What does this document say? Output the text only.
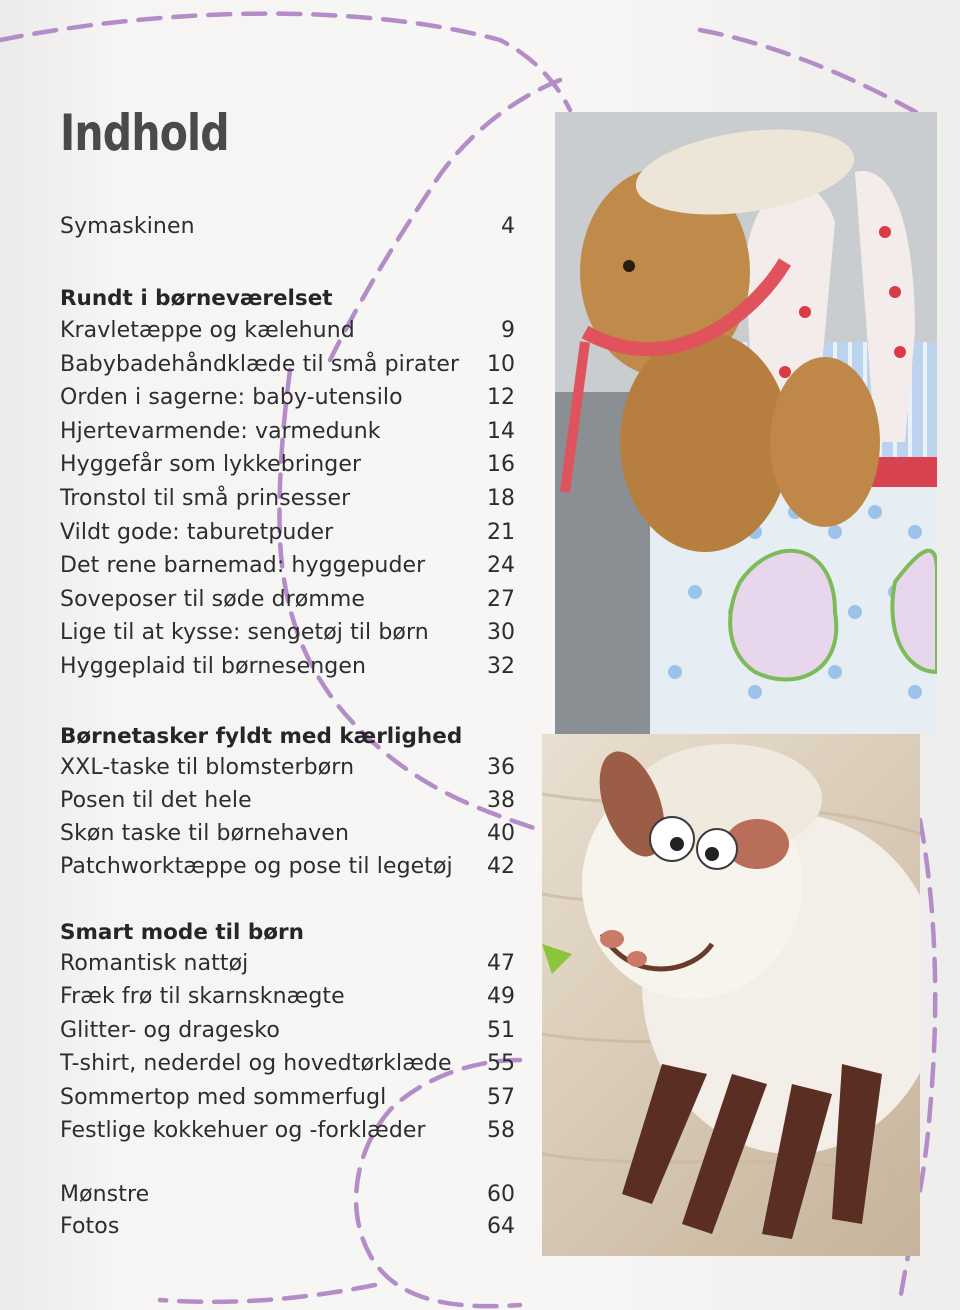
Indhold
Symaskinen	4
Rundt i børneværelset
Kravletæppe og kælehund	9
Babybadehåndklæde til små pirater	10
Orden i sagerne: baby-utensilo	12
Hjertevarmende: varmedunk	14
Hyggefår som lykkebringer	16
Tronstol til små prinsesser	18
Vildt gode: taburetpuder	21
Det rene barnemad: hyggepuder	24
Soveposer til søde drømme	27
Lige til at kysse: sengetøj til børn	30
Hyggeplaid til børnesengen	32
Børnetasker fyldt med kærlighed
XXL-taske til blomsterbørn	36
Posen til det hele	38
Skøn taske til børnehaven	40
Patchworktæppe og pose til legetøj	42
Smart mode til børn
Romantisk nattøj	47
Fræk frø til skarnsknægte	49
Glitter- og dragesko	51
T-shirt, nederdel og hovedtørklæde	55
Sommertop med sommerfugl	57
Festlige kokkehuer og -forklæder	58
Mønstre	60
Fotos	64
